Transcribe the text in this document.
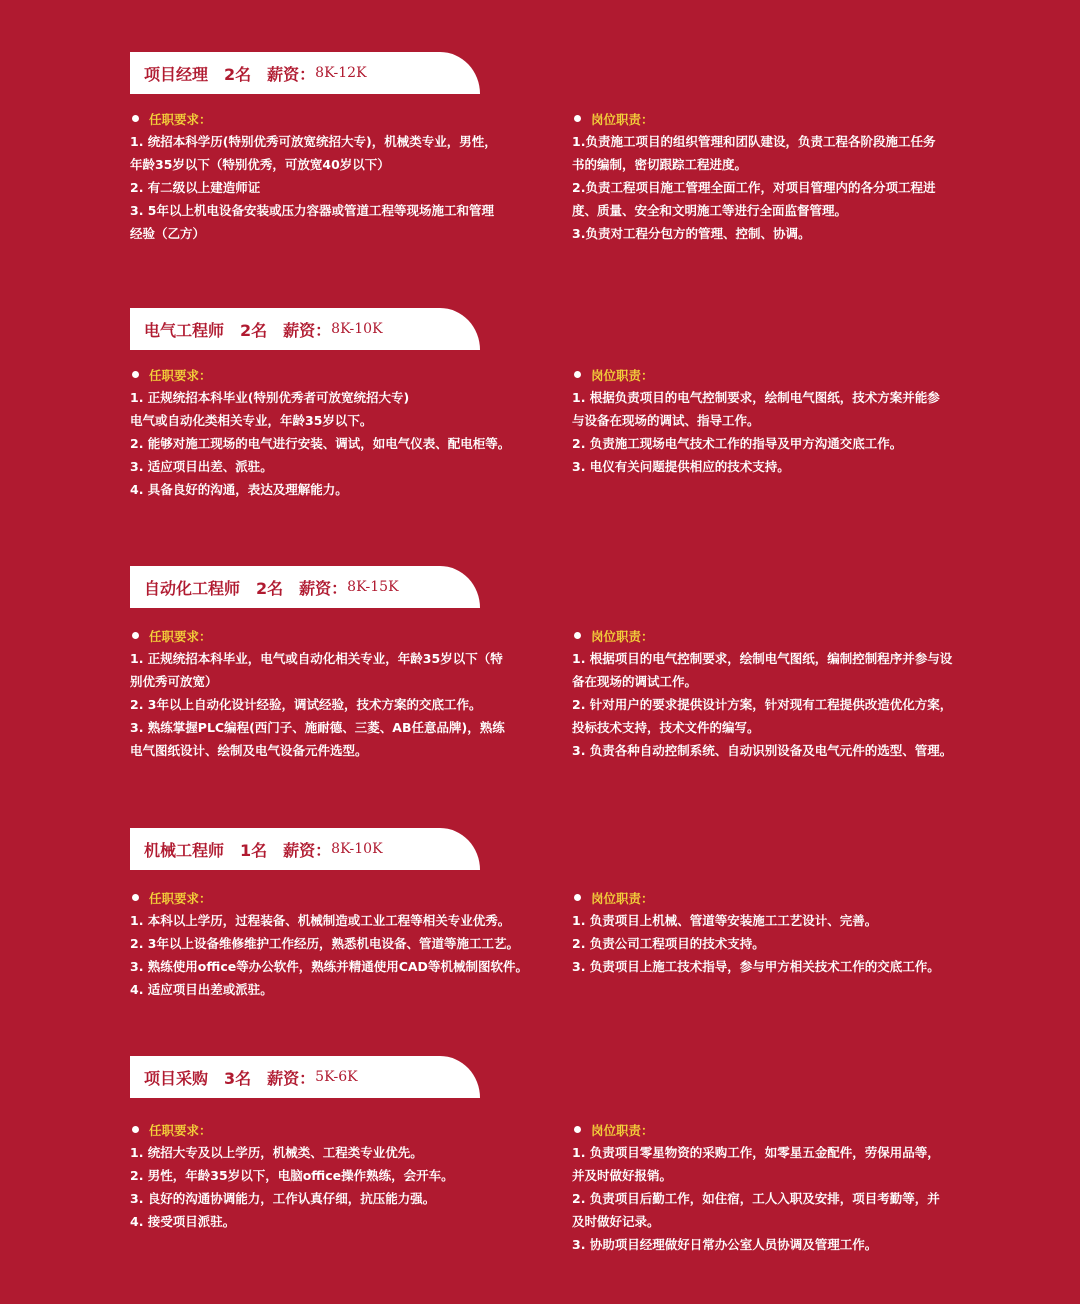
项目经理 2名 薪资： 8K-12K
任职要求：
1. 统招本科学历(特别优秀可放宽统招大专)，机械类专业，男性，
年龄35岁以下（特别优秀，可放宽40岁以下）
2. 有二级以上建造师证
3. 5年以上机电设备安装或压力容器或管道工程等现场施工和管理
经验（乙方）
岗位职责：
1.负责施工项目的组织管理和团队建设，负责工程各阶段施工任务
书的编制，密切跟踪工程进度。
2.负责工程项目施工管理全面工作，对项目管理内的各分项工程进
度、质量、安全和文明施工等进行全面监督管理。
3.负责对工程分包方的管理、控制、协调。
电气工程师 2名 薪资： 8K-10K
任职要求：
1. 正规统招本科毕业(特别优秀者可放宽统招大专)
电气或自动化类相关专业，年龄35岁以下。
2. 能够对施工现场的电气进行安装、调试，如电气仪表、配电柜等。
3. 适应项目出差、派驻。
4. 具备良好的沟通，表达及理解能力。
岗位职责：
1. 根据负责项目的电气控制要求，绘制电气图纸，技术方案并能参
与设备在现场的调试、指导工作。
2. 负责施工现场电气技术工作的指导及甲方沟通交底工作。
3. 电仪有关问题提供相应的技术支持。
自动化工程师 2名 薪资： 8K-15K
任职要求：
1. 正规统招本科毕业，电气或自动化相关专业，年龄35岁以下（特
别优秀可放宽）
2. 3年以上自动化设计经验，调试经验，技术方案的交底工作。
3. 熟练掌握PLC编程(西门子、施耐德、三菱、AB任意品牌)，熟练
电气图纸设计、绘制及电气设备元件选型。
岗位职责：
1. 根据项目的电气控制要求，绘制电气图纸，编制控制程序并参与设
备在现场的调试工作。
2. 针对用户的要求提供设计方案，针对现有工程提供改造优化方案，
投标技术支持，技术文件的编写。
3. 负责各种自动控制系统、自动识别设备及电气元件的选型、管理。
机械工程师 1名 薪资： 8K-10K
任职要求：
1. 本科以上学历，过程装备、机械制造或工业工程等相关专业优秀。
2. 3年以上设备维修维护工作经历，熟悉机电设备、管道等施工工艺。
3. 熟练使用office等办公软件，熟练并精通使用CAD等机械制图软件。
4. 适应项目出差或派驻。
岗位职责：
1. 负责项目上机械、管道等安装施工工艺设计、完善。
2. 负责公司工程项目的技术支持。
3. 负责项目上施工技术指导，参与甲方相关技术工作的交底工作。
项目采购 3名 薪资： 5K-6K
任职要求：
1. 统招大专及以上学历，机械类、工程类专业优先。
2. 男性，年龄35岁以下，电脑office操作熟练，会开车。
3. 良好的沟通协调能力，工作认真仔细，抗压能力强。
4. 接受项目派驻。
岗位职责：
1. 负责项目零星物资的采购工作，如零星五金配件，劳保用品等，
并及时做好报销。
2. 负责项目后勤工作，如住宿，工人入职及安排，项目考勤等，并
及时做好记录。
3. 协助项目经理做好日常办公室人员协调及管理工作。
